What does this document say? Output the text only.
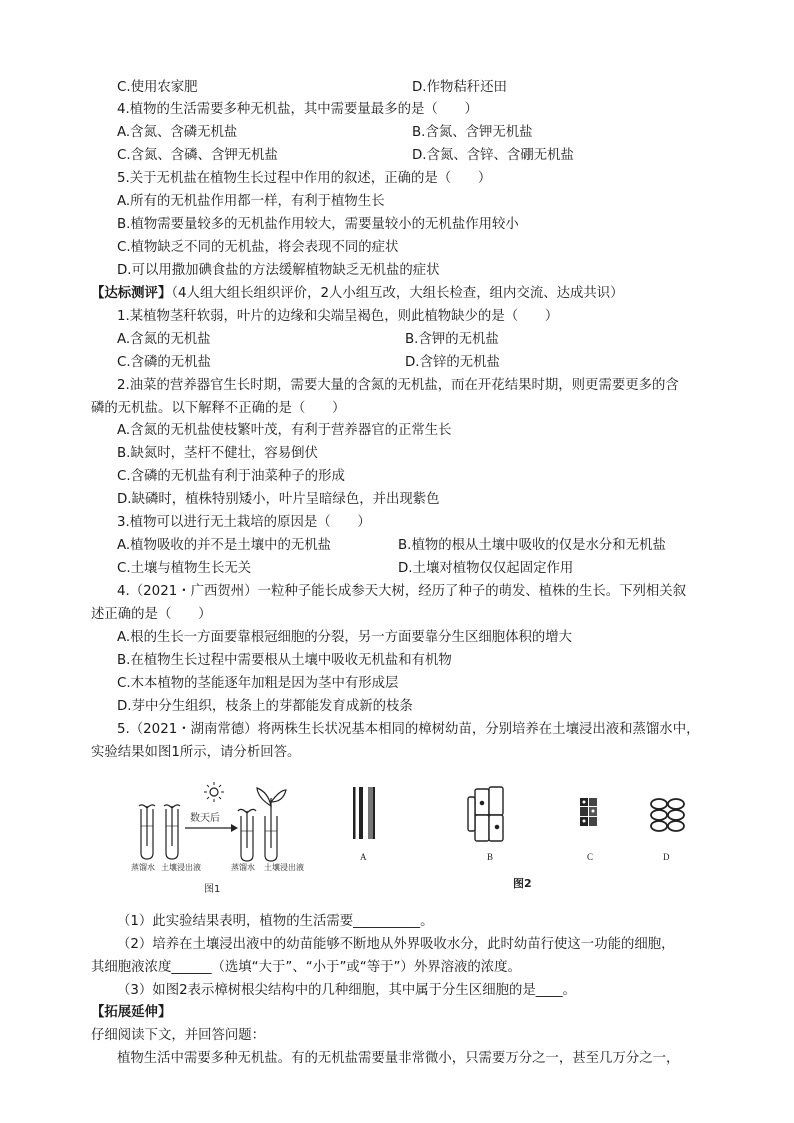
C.使用农家肥	D.作物秸秆还田
4.植物的生活需要多种无机盐，其中需要量最多的是（　　）
A.含氮、含磷无机盐	B.含氮、含钾无机盐
C.含氮、含磷、含钾无机盐	D.含氮、含锌、含硼无机盐
5.关于无机盐在植物生长过程中作用的叙述，正确的是（　　）
A.所有的无机盐作用都一样，有利于植物生长
B.植物需要量较多的无机盐作用较大，需要量较小的无机盐作用较小
C.植物缺乏不同的无机盐，将会表现不同的症状
D.可以用撒加碘食盐的方法缓解植物缺乏无机盐的症状
【达标测评】（4人组大组长组织评价，2人小组互改，大组长检查，组内交流、达成共识）
1.某植物茎秆软弱，叶片的边缘和尖端呈褐色，则此植物缺少的是（　　）
A.含氮的无机盐	B.含钾的无机盐
C.含磷的无机盐	D.含锌的无机盐
2.油菜的营养器官生长时期，需要大量的含氮的无机盐，而在开花结果时期，则更需要更多的含
磷的无机盐。以下解释不正确的是（　　）
A.含氮的无机盐使枝繁叶茂，有利于营养器官的正常生长
B.缺氮时，茎杆不健壮，容易倒伏
C.含磷的无机盐有利于油菜种子的形成
D.缺磷时，植株特别矮小，叶片呈暗绿色，并出现紫色
3.植物可以进行无土栽培的原因是（　　）
A.植物吸收的并不是土壤中的无机盐	B.植物的根从土壤中吸收的仅是水分和无机盐
C.土壤与植物生长无关	D.土壤对植物仅仅起固定作用
4.（2021・广西贺州）一粒种子能长成参天大树，经历了种子的萌发、植株的生长。下列相关叙
述正确的是（　　）
A.根的生长一方面要靠根冠细胞的分裂，另一方面要靠分生区细胞体积的增大
B.在植物生长过程中需要根从土壤中吸收无机盐和有机物
C.木本植物的茎能逐年加粗是因为茎中有形成层
D.芽中分生组织，枝条上的芽都能发育成新的枝条
5.（2021・湖南常德）将两株生长状况基本相同的樟树幼苗，分别培养在土壤浸出液和蒸馏水中，
实验结果如图1所示，请分析回答。
数天后
蒸馏水 土壤浸出液	蒸馏水 土壤浸出液
图1
A	B	C	D
图2
（1）此实验结果表明，植物的生活需要__________。
（2）培养在土壤浸出液中的幼苗能够不断地从外界吸收水分，此时幼苗行使这一功能的细胞，
其细胞液浓度______（选填“大于”、“小于”或“等于”）外界溶液的浓度。
（3）如图2表示樟树根尖结构中的几种细胞，其中属于分生区细胞的是____。
【拓展延伸】
仔细阅读下文，并回答问题：
植物生活中需要多种无机盐。有的无机盐需要量非常微小，只需要万分之一，甚至几万分之一，
